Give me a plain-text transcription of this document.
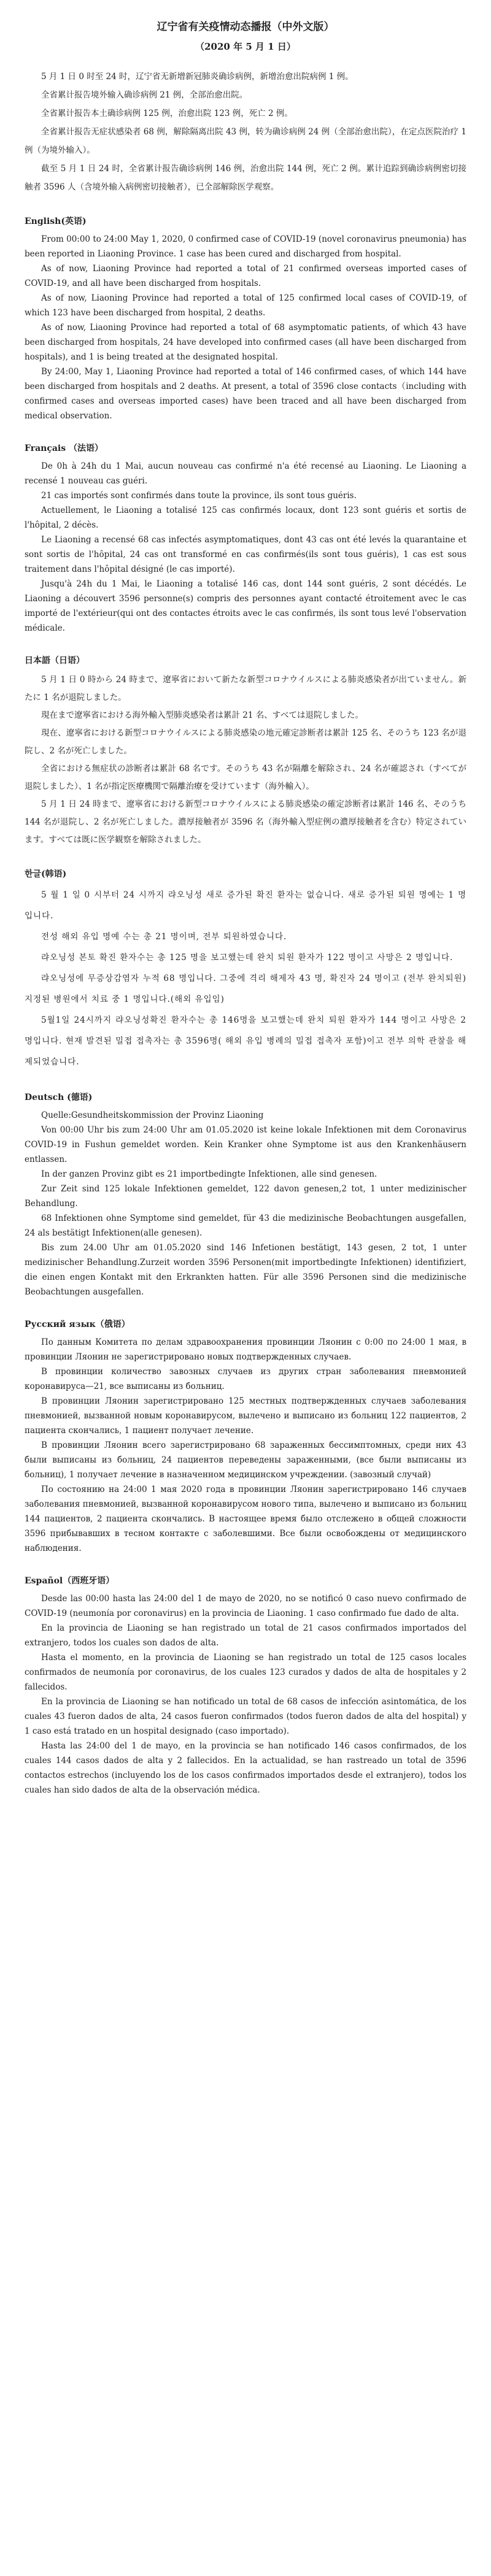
辽宁省有关疫情动态播报（中外文版）
（2020 年 5 月 1 日）

5 月 1 日 0 时至 24 时，辽宁省无新增新冠肺炎确诊病例，新增治愈出院病例 1 例。

全省累计报告境外输入确诊病例 21 例，全部治愈出院。

全省累计报告本土确诊病例 125 例，治愈出院 123 例，死亡 2 例。

全省累计报告无症状感染者 68 例，解除隔离出院 43 例，转为确诊病例 24 例（全部治愈出院），在定点医院治疗 1 例（为境外输入）。

截至 5 月 1 日 24 时，全省累计报告确诊病例 146 例，治愈出院 144 例，死亡 2 例。累计追踪到确诊病例密切接触者 3596 人（含境外输入病例密切接触者），已全部解除医学观察。

English(英语)

From 00:00 to 24:00 May 1, 2020, 0 confirmed case of COVID-19 (novel coronavirus pneumonia) has been reported in Liaoning Province. 1 case has been cured and discharged from hospital.

As of now, Liaoning Province had reported a total of 21 confirmed overseas imported cases of COVID-19, and all have been discharged from hospitals.

As of now, Liaoning Province had reported a total of 125 confirmed local cases of COVID-19, of which 123 have been discharged from hospital, 2 deaths.

As of now, Liaoning Province had reported a total of 68 asymptomatic patients, of which 43 have been discharged from hospitals, 24 have developed into confirmed cases (all have been discharged from hospitals), and 1 is being treated at the designated hospital.

By 24:00, May 1, Liaoning Province had reported a total of 146 confirmed cases, of which 144 have been discharged from hospitals and 2 deaths. At present, a total of 3596 close contacts（including with confirmed cases and overseas imported cases) have been traced and all have been discharged from medical observation.

Français （法语）

De 0h à 24h du 1 Mai, aucun nouveau cas confirmé n'a été recensé au Liaoning. Le Liaoning a recensé 1 nouveau cas guéri.

21 cas importés sont confirmés dans toute la province, ils sont tous guéris.

Actuellement, le Liaoning a totalisé 125 cas confirmés locaux, dont 123 sont guéris et sortis de l'hôpital, 2 décès.

Le Liaoning a recensé 68 cas infectés asymptomatiques, dont 43 cas ont été levés la quarantaine et sont sortis de l'hôpital, 24 cas ont transformé en cas confirmés(ils sont tous guéris), 1 cas est sous traitement dans l'hôpital désigné (le cas importé).

Jusqu'à 24h du 1 Mai, le Liaoning a totalisé 146 cas, dont 144 sont guéris, 2 sont décédés. Le Liaoning a découvert 3596 personne(s) compris des personnes ayant contacté étroitement avec le cas importé de l'extérieur(qui ont des contactes étroits avec le cas confirmés, ils sont tous levé l'observation médicale.

日本語（日语）

5 月 1 日 0 時から 24 時まで、遼寧省において新たな新型コロナウイルスによる肺炎感染者が出ていません。新たに 1 名が退院しました。

現在まで遼寧省における海外輸入型肺炎感染者は累計 21 名、すべては退院しました。

現在、遼寧省における新型コロナウイルスによる肺炎感染の地元確定診断者は累計 125 名、そのうち 123 名が退院し、2 名が死亡しました。

全省における無症状の診断者は累計 68 名です。そのうち 43 名が隔離を解除され、24 名が確認され（すべてが退院しました）、1 名が指定医療機関で隔離治療を受けています（海外輸入）。

5 月 1 日 24 時まで、遼寧省における新型コロナウイルスによる肺炎感染の確定診断者は累計 146 名、そのうち 144 名が退院し、2 名が死亡しました。濃厚接触者が 3596 名（海外輸入型症例の濃厚接触者を含む）特定されています。すべては既に医学観察を解除されました。

한글(韩语)

5 월 1 일 0 시부터 24 시까지 랴오닝성 새로 증가된 확진 환자는 없습니다. 새로 증가된 퇴원 명예는 1 명입니다.

전성 해외 유입 명예 수는 총 21 명이며, 전부 퇴원하였습니다.

랴오닝성 본토 확진 환자수는 총 125 명을 보고했는데 완치 퇴원 환자가 122 명이고 사망은 2 명입니다.

랴오닝성에 무증상감염자 누적 68 명입니다. 그중에 격리 해제자 43 명, 확진자 24 명이고 (전부 완치퇴원) 지정된 병원에서 치료 중 1 명입니다.(해외 유입임)

5월1일 24시까지 랴오닝성확진 환자수는 총 146명을 보고했는데 완치 퇴원 환자가 144 명이고 사망은 2 명입니다. 현재 발견된 밀접 접촉자는 총 3596명( 해외 유입 병례의 밀접 접촉자 포함)이고 전부 의학 관찰을 해제되었습니다.

Deutsch (德语)

Quelle:Gesundheitskommission der Provinz Liaoning

Von 00:00 Uhr bis zum 24:00 Uhr am 01.05.2020 ist keine lokale Infektionen mit dem Coronavirus COVID-19 in Fushun gemeldet worden. Kein Kranker ohne Symptome ist aus den Krankenhäusern entlassen.

In der ganzen Provinz gibt es 21 importbedingte Infektionen, alle sind genesen.

Zur Zeit sind 125 lokale Infektionen gemeldet, 122 davon genesen,2 tot, 1 unter medizinischer Behandlung.

68 Infektionen ohne Symptome sind gemeldet, für 43 die medizinische Beobachtungen ausgefallen, 24 als bestätigt Infektionen(alle genesen).

Bis zum 24.00 Uhr am 01.05.2020 sind 146 Infetionen bestätigt, 143 gesen, 2 tot, 1 unter medizinischer Behandlung.Zurzeit worden 3596 Personen(mit importbedingte Infektionen) identifiziert, die einen engen Kontakt mit den Erkrankten hatten. Für alle 3596 Personen sind die medizinische Beobachtungen ausgefallen.

Русский язык（俄语）

По данным Комитета по делам здравоохранения провинции Ляонин с 0:00 по 24:00 1 мая, в провинции Ляонин не зарегистрировано новых подтвержденных случаев.

В провинции количество завозных случаев из других стран заболевания пневмонией коронавируса—21, все выписаны из больниц.

В провинции Ляонин зарегистрировано 125 местных подтвержденных случаев заболевания пневмонией, вызванной новым коронавирусом, вылечено и выписано из больниц 122 пациентов, 2 пациента скончались, 1 пациент получает лечение.

В провинции Ляонин всего зарегистрировано 68 зараженных бессимптомных, среди них 43 были выписаны из больниц, 24 пациентов переведены зараженными, (все были выписаны из больниц), 1 получает лечение в назначенном медицинском учреждении. (завозный случай)

По состоянию на 24:00 1 мая 2020 года в провинции Ляонин зарегистрировано 146 случаев заболевания пневмонией, вызванной коронавирусом нового типа, вылечено и выписано из больниц 144 пациентов, 2 пациента скончались. В настоящее время было отслежено в общей сложности 3596 прибывавших в тесном контакте с заболевшими. Все были освобождены от медицинского наблюдения.

Español（西班牙语）

Desde las 00:00 hasta las 24:00 del 1 de mayo de 2020, no se notificó 0 caso nuevo confirmado de COVID-19 (neumonía por coronavirus) en la provincia de Liaoning. 1 caso confirmado fue dado de alta.

En la provincia de Liaoning se han registrado un total de 21 casos confirmados importados del extranjero, todos los cuales son dados de alta.

Hasta el momento, en la provincia de Liaoning se han registrado un total de 125 casos locales confirmados de neumonía por coronavirus, de los cuales 123 curados y dados de alta de hospitales y 2 fallecidos.

En la provincia de Liaoning se han notificado un total de 68 casos de infección asintomática, de los cuales 43 fueron dados de alta, 24 casos fueron confirmados (todos fueron dados de alta del hospital) y 1 caso está tratado en un hospital designado (caso importado).

Hasta las 24:00 del 1 de mayo, en la provincia se han notificado 146 casos confirmados, de los cuales 144 casos dados de alta y 2 fallecidos. En la actualidad, se han rastreado un total de 3596 contactos estrechos (incluyendo los de los casos confirmados importados desde el extranjero), todos los cuales han sido dados de alta de la observación médica.
